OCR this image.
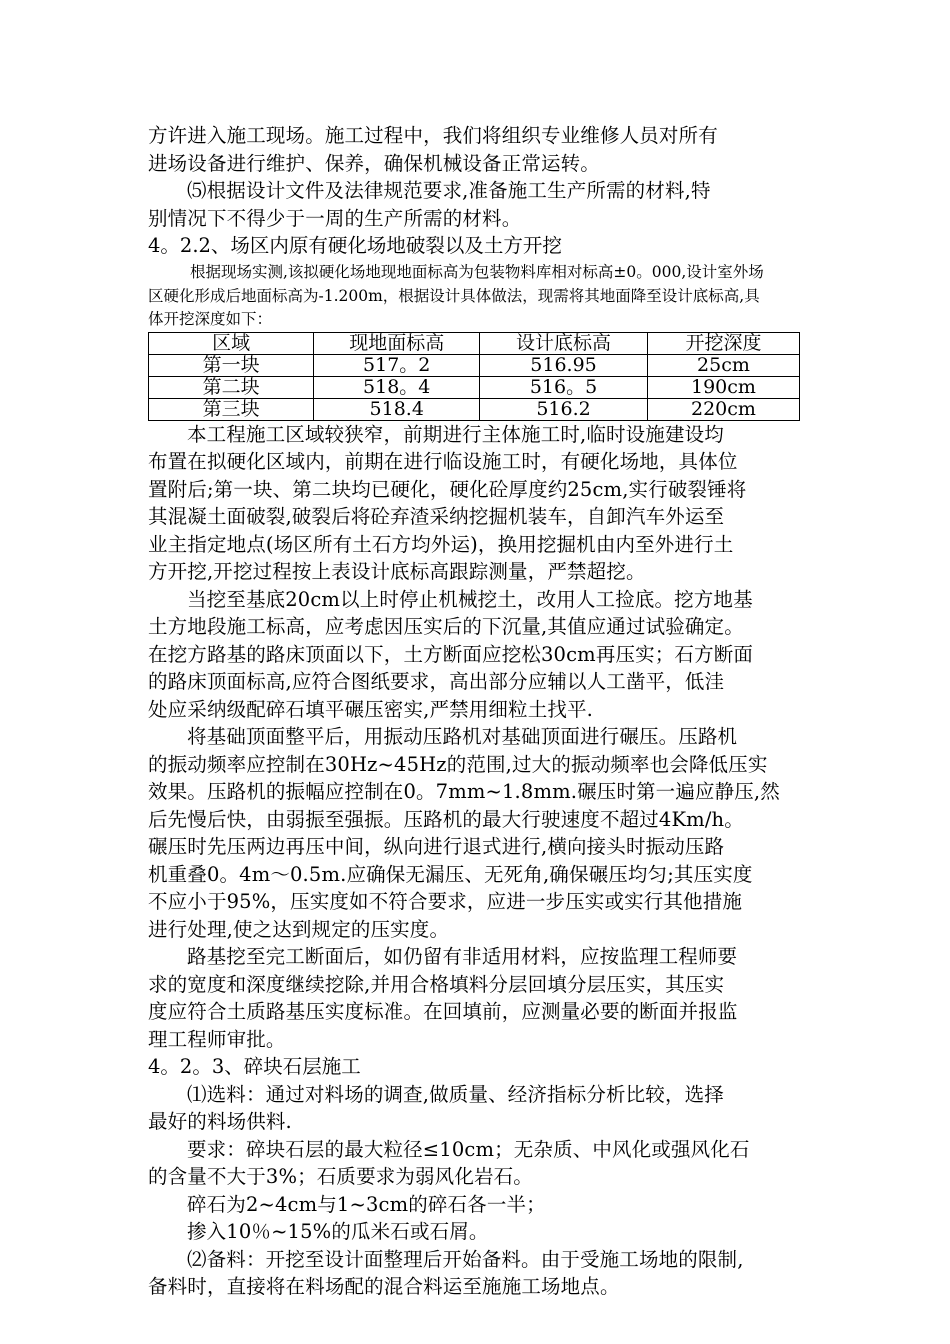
方许进入施工现场。施工过程中，我们将组织专业维修人员对所有
进场设备进行维护、保养，确保机械设备正常运转。
⑸根据设计文件及法律规范要求,准备施工生产所需的材料,特
别情况下不得少于一周的生产所需的材料。
4。2.2、场区内原有硬化场地破裂以及土方开挖
根据现场实测,该拟硬化场地现地面标高为包装物料库相对标高±0。000,设计室外场
区硬化形成后地面标高为-1.200m，根据设计具体做法，现需将其地面降至设计底标高,具
体开挖深度如下：
区域	现地面标高	设计底标高	开挖深度
第一块	517。2	516.95	25cm
第二块	518。4	516。5	190cm
第三块	518.4	516.2	220cm
本工程施工区域较狭窄，前期进行主体施工时,临时设施建设均
布置在拟硬化区域内，前期在进行临设施工时，有硬化场地，具体位
置附后;第一块、第二块均已硬化，硬化砼厚度约25cm,实行破裂锤将
其混凝土面破裂,破裂后将砼弃渣采纳挖掘机装车，自卸汽车外运至
业主指定地点(场区所有土石方均外运)，换用挖掘机由内至外进行土
方开挖,开挖过程按上表设计底标高跟踪测量，严禁超挖。
当挖至基底20cm以上时停止机械挖土，改用人工捡底。挖方地基
土方地段施工标高，应考虑因压实后的下沉量,其值应通过试验确定。
在挖方路基的路床顶面以下，土方断面应挖松30cm再压实；石方断面
的路床顶面标高,应符合图纸要求，高出部分应辅以人工凿平，低洼
处应采纳级配碎石填平碾压密实,严禁用细粒土找平.
将基础顶面整平后，用振动压路机对基础顶面进行碾压。压路机
的振动频率应控制在30Hz~45Hz的范围,过大的振动频率也会降低压实
效果。压路机的振幅应控制在0。7mm~1.8mm.碾压时第一遍应静压,然
后先慢后快，由弱振至强振。压路机的最大行驶速度不超过4Km/h。
碾压时先压两边再压中间，纵向进行退式进行,横向接头时振动压路
机重叠0。4m～0.5m.应确保无漏压、无死角,确保碾压均匀;其压实度
不应小于95%，压实度如不符合要求，应进一步压实或实行其他措施
进行处理,使之达到规定的压实度。
路基挖至完工断面后，如仍留有非适用材料，应按监理工程师要
求的宽度和深度继续挖除,并用合格填料分层回填分层压实，其压实
度应符合土质路基压实度标准。在回填前，应测量必要的断面并报监
理工程师审批。
4。2。3、碎块石层施工
⑴选料：通过对料场的调查,做质量、经济指标分析比较，选择
最好的料场供料.
要求：碎块石层的最大粒径≤10cm；无杂质、中风化或强风化石
的含量不大于3%；石质要求为弱风化岩石。
碎石为2~4cm与1~3cm的碎石各一半；
掺入10％~15%的瓜米石或石屑。
⑵备料：开挖至设计面整理后开始备料。由于受施工场地的限制,
备料时，直接将在料场配的混合料运至施施工场地点。
